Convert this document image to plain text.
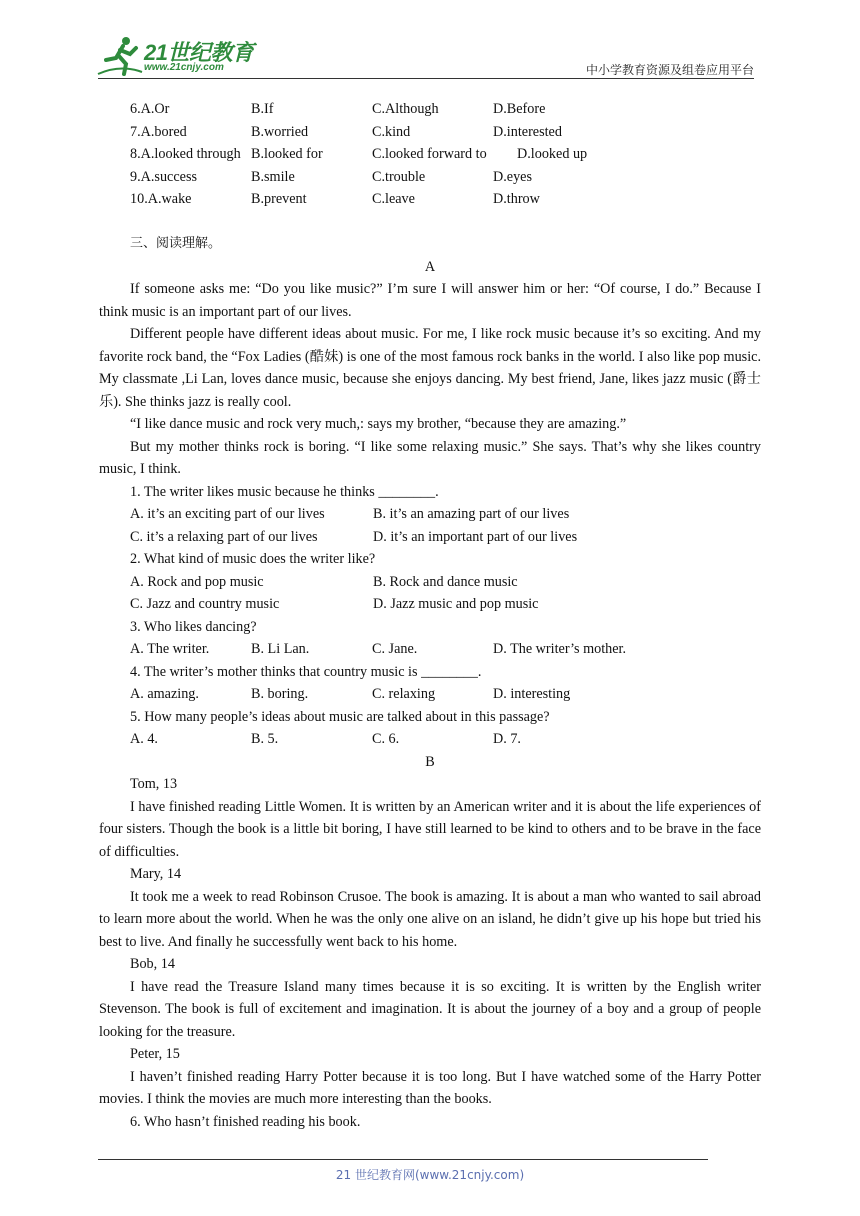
21世纪教育
www.21cnjy.com	中小学教育资源及组卷应用平台
6.A.Or	B.If	C.Although	D.Before
7.A.bored	B.worried	C.kind	D.interested
8.A.looked through B.looked for	C.looked forward to	D.looked up
9.A.success	B.smile	C.trouble	D.eyes
10.A.wake	B.prevent	C.leave	D.throw
三、阅读理解。
A

If someone asks me: “Do you like music?” I’m sure I will answer him or her: “Of course, I do.” Because I think music is an important part of our lives.

Different people have different ideas about music. For me, I like rock music because it’s so exciting. And my favorite rock band, the “Fox Ladies (酷妹) is one of the most famous rock banks in the world. I also like pop music. My classmate ,Li Lan, loves dance music, because she enjoys dancing. My best friend, Jane, likes jazz music (爵士乐). She thinks jazz is really cool.

“I like dance music and rock very much,: says my brother, “because they are amazing.”

But my mother thinks rock is boring. “I like some relaxing music.” She says. That’s why she likes country music, I think.

1. The writer likes music because he thinks ________.
A. it’s an exciting part of our lives	B. it’s an amazing part of our lives
C. it’s a relaxing part of our lives	D. it’s an important part of our lives
2. What kind of music does the writer like?
A. Rock and pop music	B. Rock and dance music
C. Jazz and country music	D. Jazz music and pop music
3. Who likes dancing?
A. The writer.	B. Li Lan.	C. Jane.	D. The writer’s mother.
4. The writer’s mother thinks that country music is ________.
A. amazing.	B. boring.	C. relaxing	D. interesting
5. How many people’s ideas about music are talked about in this passage?
A. 4.	B. 5.	C. 6.	D. 7.
B
Tom, 13

I have finished reading Little Women. It is written by an American writer and it is about the life experiences of four sisters. Though the book is a little bit boring, I have still learned to be kind to others and to be brave in the face of difficulties.

Mary, 14

It took me a week to read Robinson Crusoe. The book is amazing. It is about a man who wanted to sail abroad to learn more about the world. When he was the only one alive on an island, he didn’t give up his hope but tried his best to live. And finally he successfully went back to his home.

Bob, 14

I have read the Treasure Island many times because it is so exciting. It is written by the English writer Stevenson. The book is full of excitement and imagination. It is about the journey of a boy and a group of people looking for the treasure.

Peter, 15

I haven’t finished reading Harry Potter because it is too long. But I have watched some of the Harry Potter movies. I think the movies are much more interesting than the books.

6. Who hasn’t finished reading his book.
21 世纪教育网(www.21cnjy.com)
